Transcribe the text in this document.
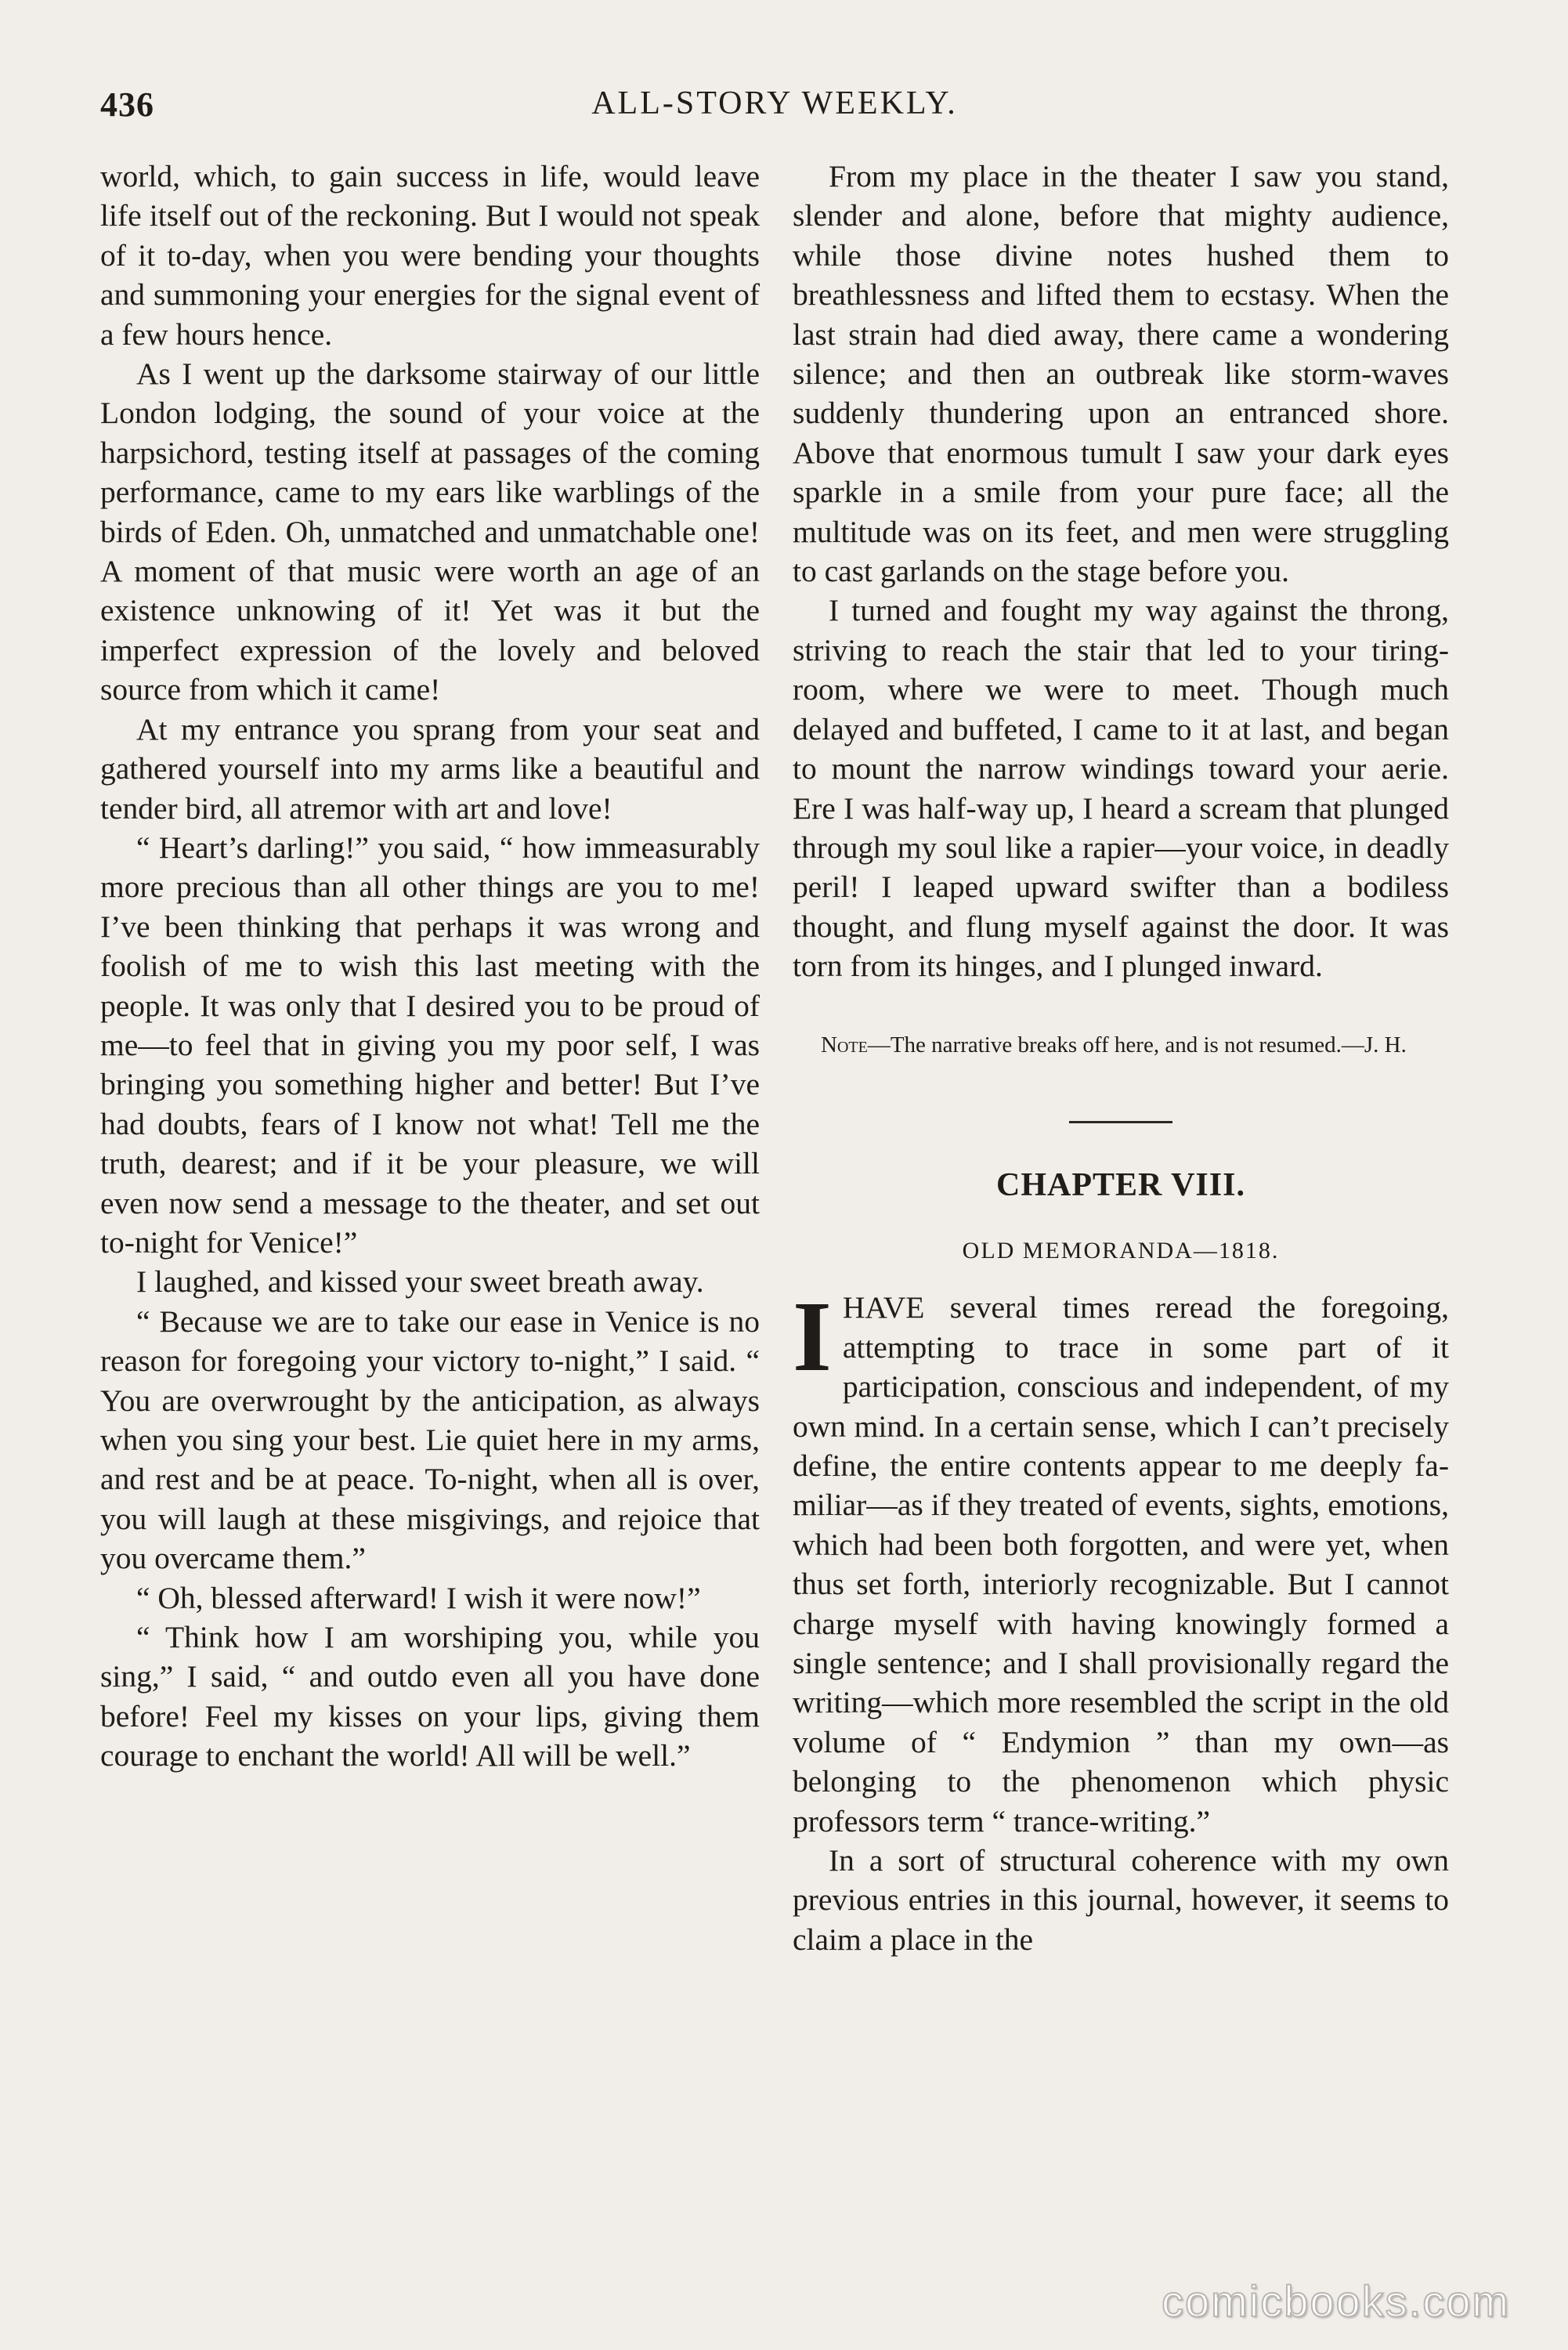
436	ALL-STORY WEEKLY.

world, which, to gain success in life, would leave life itself out of the reckoning. But I would not speak of it to-day, when you were bending your thoughts and summoning your energies for the signal event of a few hours hence.

As I went up the darksome stairway of our little London lodging, the sound of your voice at the harpsichord, testing itself at passages of the coming performance, came to my ears like warblings of the birds of Eden. Oh, unmatched and unmatchable one! A moment of that music were worth an age of an existence unknowing of it! Yet was it but the imperfect expression of the lovely and beloved source from which it came!

At my entrance you sprang from your seat and gathered yourself into my arms like a beautiful and tender bird, all atremor with art and love!

“ Heart’s darling!” you said, “ how immeasurably more precious than all other things are you to me! I’ve been thinking that perhaps it was wrong and foolish of me to wish this last meeting with the people. It was only that I desired you to be proud of me—to feel that in giving you my poor self, I was bringing you something higher and better! But I’ve had doubts, fears of I know not what! Tell me the truth, dearest; and if it be your pleasure, we will even now send a message to the theater, and set out to-night for Venice!”

I laughed, and kissed your sweet breath away.

“ Because we are to take our ease in Venice is no reason for foregoing your victory to-night,” I said. “ You are overwrought by the anticipation, as always when you sing your best. Lie quiet here in my arms, and rest and be at peace. To-night, when all is over, you will laugh at these misgivings, and rejoice that you overcame them.”

“ Oh, blessed afterward! I wish it were now!”

“ Think how I am worshiping you, while you sing,” I said, “ and outdo even all you have done before! Feel my kisses on your lips, giving them courage to enchant the world! All will be well.”

From my place in the theater I saw you stand, slender and alone, before that mighty audience, while those divine notes hushed them to breathlessness and lifted them to ecstasy. When the last strain had died away, there came a wondering silence; and then an outbreak like storm-waves suddenly thundering upon an entranced shore. Above that enormous tumult I saw your dark eyes sparkle in a smile from your pure face; all the multitude was on its feet, and men were struggling to cast garlands on the stage before you.

I turned and fought my way against the throng, striving to reach the stair that led to your tiring-room, where we were to meet. Though much delayed and buffeted, I came to it at last, and began to mount the narrow windings toward your aerie. Ere I was half-way up, I heard a scream that plunged through my soul like a rapier—your voice, in deadly peril! I leaped upward swifter than a bodiless thought, and flung myself against the door. It was torn from its hinges, and I plunged inward.

Note—The narrative breaks off here, and is not resumed.—J. H.
CHAPTER VIII.
OLD MEMORANDA—1818.

IHAVE several times reread the foregoing, attempting to trace in some part of it participation, conscious and independent, of my own mind. In a certain sense, which I can’t precisely define, the entire contents appear to me deeply familiar—as if they treated of events, sights, emotions, which had been both forgotten, and were yet, when thus set forth, interiorly recognizable. But I cannot charge myself with having knowingly formed a single sentence; and I shall provisionally regard the writing—which more resembled the script in the old volume of “ Endymion ” than my own—as belonging to the phenomenon which physic professors term “ trance-writing.”

In a sort of structural coherence with my own previous entries in this journal, however, it seems to claim a place in the

comicbooks.com
